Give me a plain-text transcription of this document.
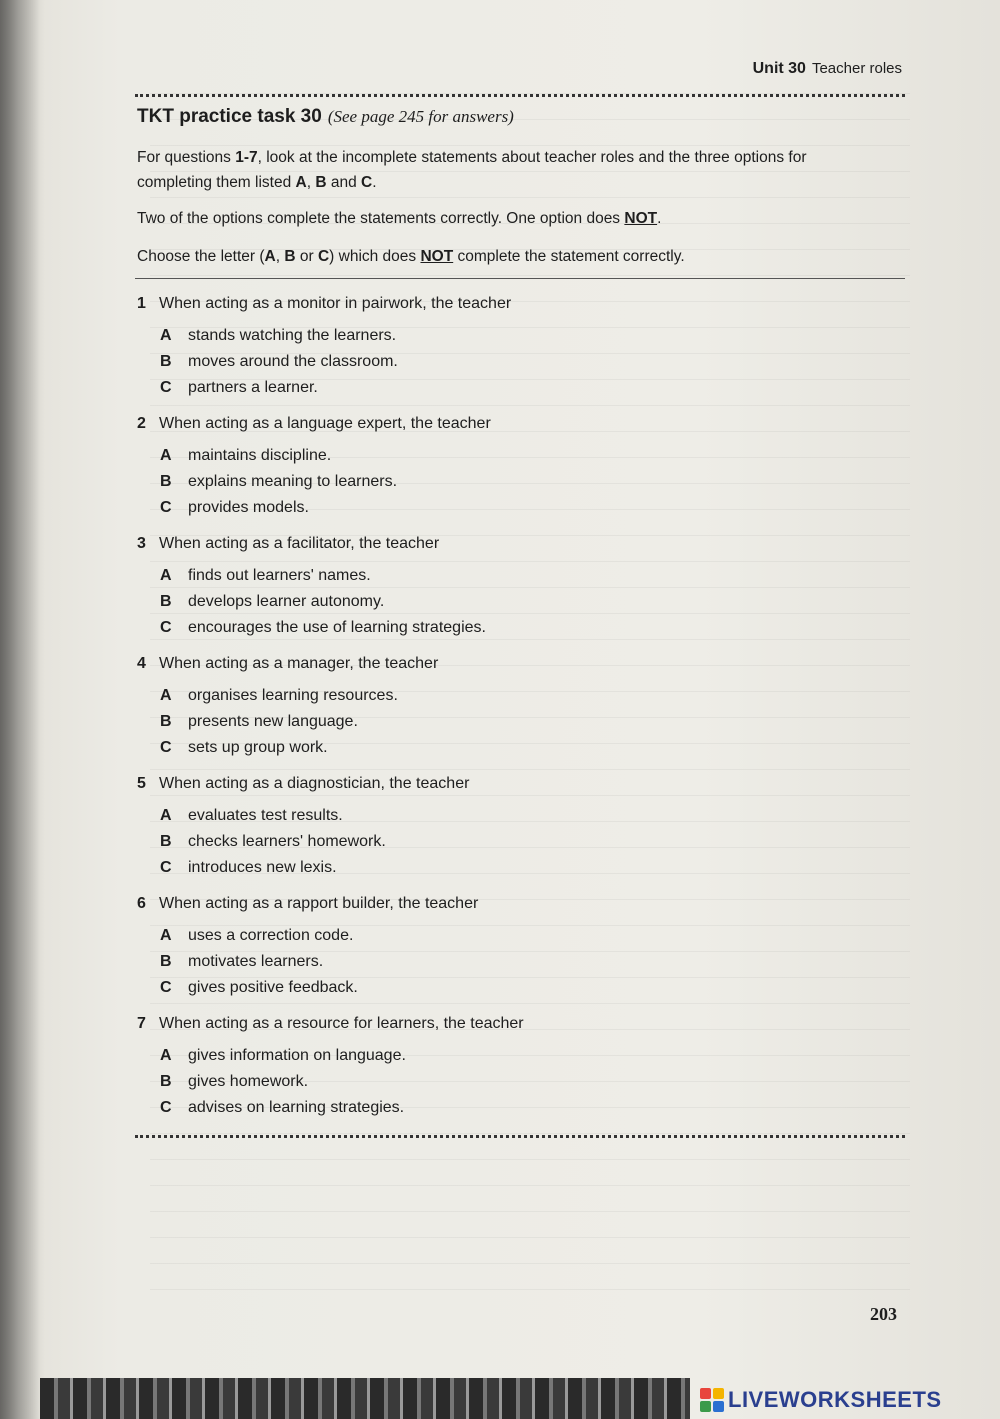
Unit 30 Teacher roles
TKT practice task 30 (See page 245 for answers)
For questions 1-7, look at the incomplete statements about teacher roles and the three options for completing them listed A, B and C.
Two of the options complete the statements correctly. One option does NOT.
Choose the letter (A, B or C) which does NOT complete the statement correctly.
1 When acting as a monitor in pairwork, the teacher
A stands watching the learners.
B moves around the classroom.
C partners a learner.
2 When acting as a language expert, the teacher
A maintains discipline.
B explains meaning to learners.
C provides models.
3 When acting as a facilitator, the teacher
A finds out learners' names.
B develops learner autonomy.
C encourages the use of learning strategies.
4 When acting as a manager, the teacher
A organises learning resources.
B presents new language.
C sets up group work.
5 When acting as a diagnostician, the teacher
A evaluates test results.
B checks learners' homework.
C introduces new lexis.
6 When acting as a rapport builder, the teacher
A uses a correction code.
B motivates learners.
C gives positive feedback.
7 When acting as a resource for learners, the teacher
A gives information on language.
B gives homework.
C advises on learning strategies.
203
LIVEWORKSHEETS
